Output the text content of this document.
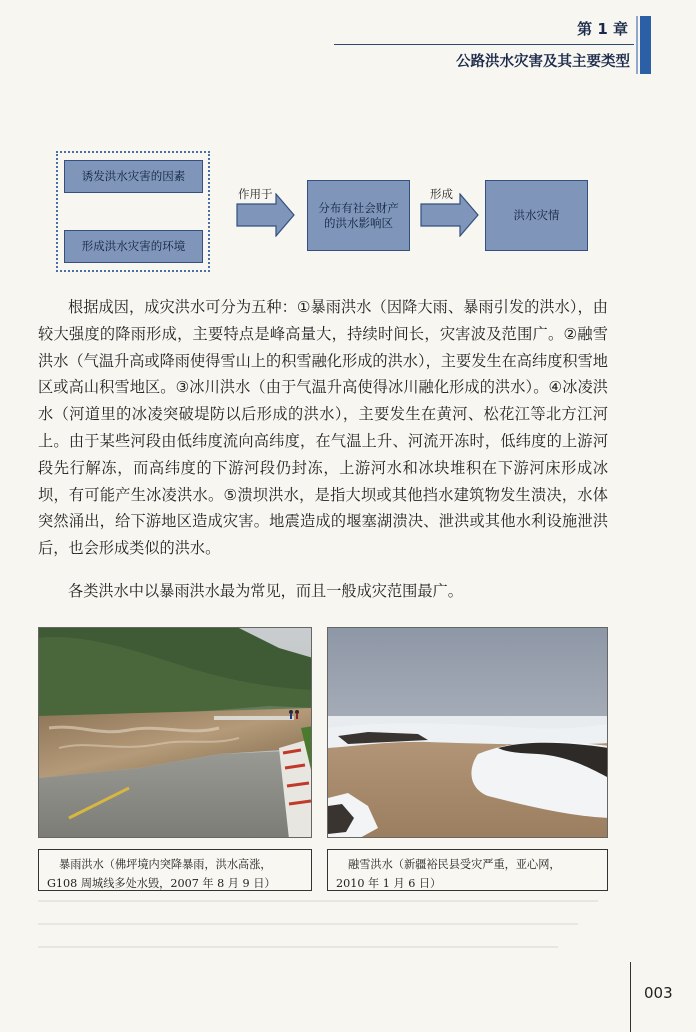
第 1 章
公路洪水灾害及其主要类型
诱发洪水灾害的因素
形成洪水灾害的环境
作用于
分布有社会财产的洪水影响区
形成
洪水灾情

根据成因，成灾洪水可分为五种：①暴雨洪水（因降大雨、暴雨引发的洪水），由较大强度的降雨形成，主要特点是峰高量大，持续时间长，灾害波及范围广。②融雪洪水（气温升高或降雨使得雪山上的积雪融化形成的洪水），主要发生在高纬度积雪地区或高山积雪地区。③冰川洪水（由于气温升高使得冰川融化形成的洪水）。④冰凌洪水（河道里的冰凌突破堤防以后形成的洪水），主要发生在黄河、松花江等北方江河上。由于某些河段由低纬度流向高纬度，在气温上升、河流开冻时，低纬度的上游河段先行解冻，而高纬度的下游河段仍封冻，上游河水和冰块堆积在下游河床形成冰坝，有可能产生冰凌洪水。⑤溃坝洪水，是指大坝或其他挡水建筑物发生溃决，水体突然涌出，给下游地区造成灾害。地震造成的堰塞湖溃决、泄洪或其他水利设施泄洪后，也会形成类似的洪水。

各类洪水中以暴雨洪水最为常见，而且一般成灾范围最广。

暴雨洪水（佛坪境内突降暴雨，洪水高涨，
G108 周城线多处水毁，2007 年 8 月 9 日）
融雪洪水（新疆裕民县受灾严重，亚心网，
2010 年 1 月 6 日）
003
